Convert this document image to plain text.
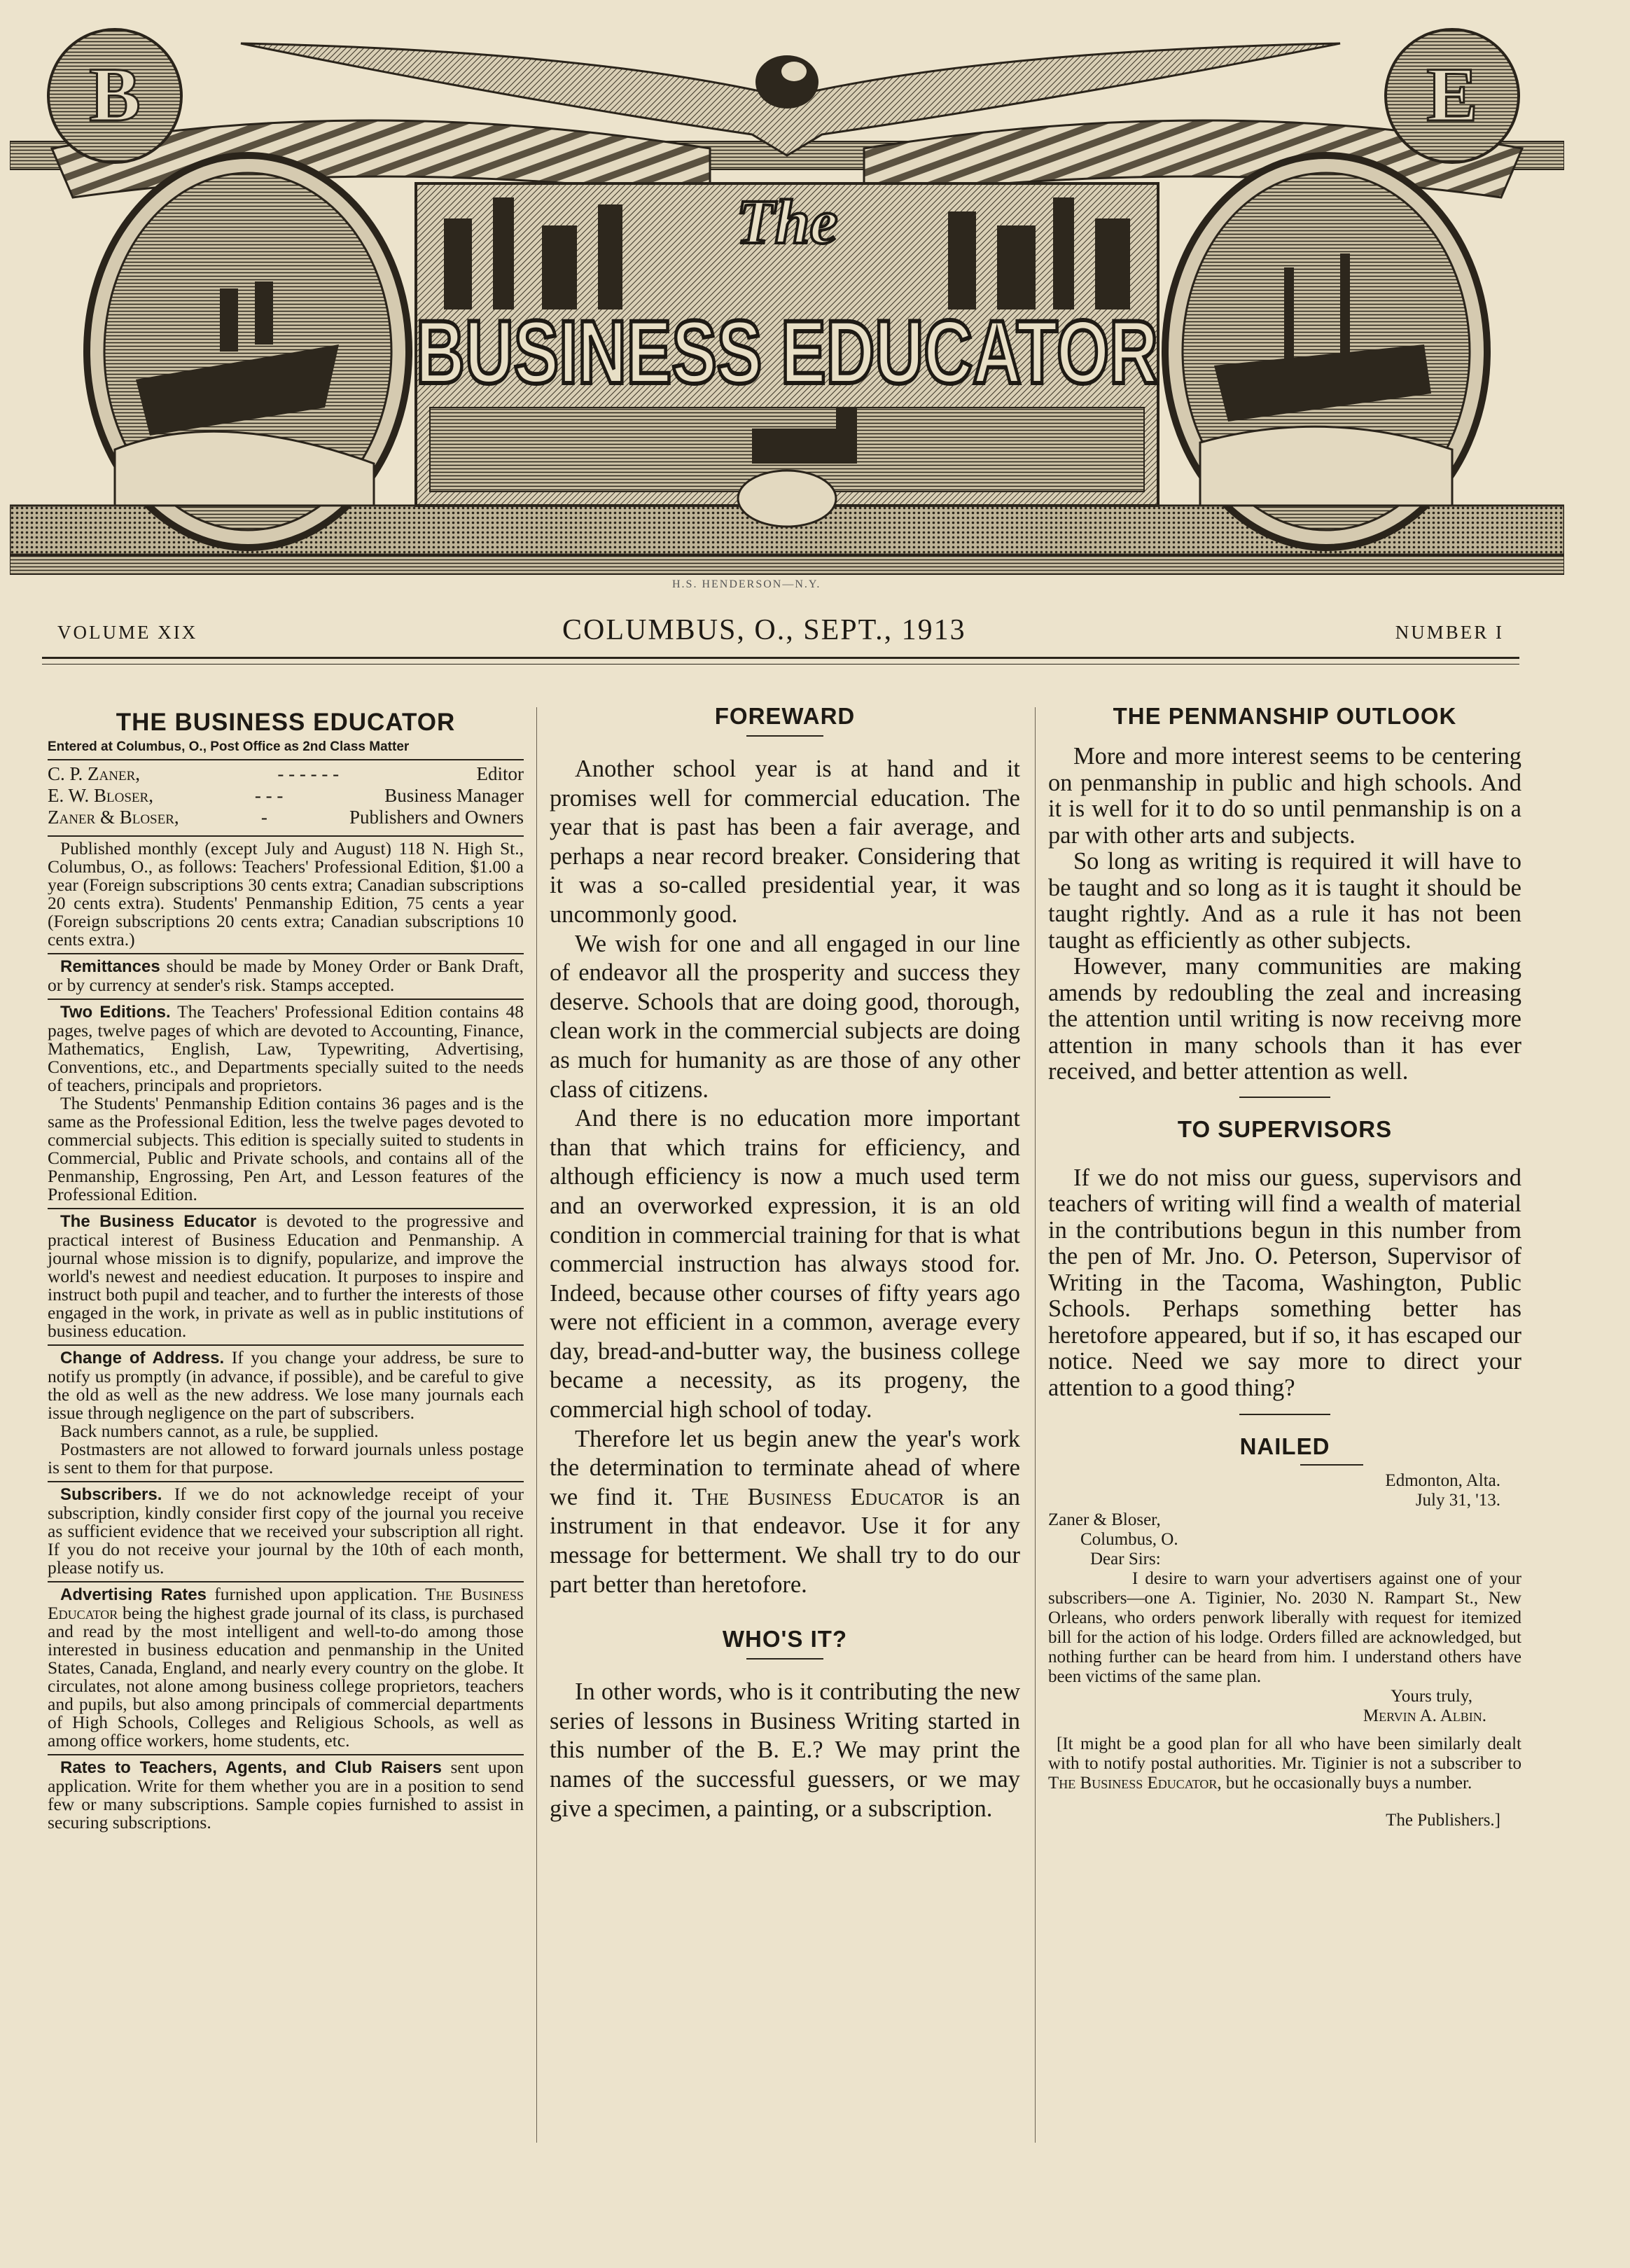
B	E
The
BUSINESS EDUCATOR
H.S. HENDERSON—N.Y.
VOLUME XIX	COLUMBUS, O., SEPT., 1913	NUMBER I
THE BUSINESS EDUCATOR
Entered at Columbus, O., Post Office as 2nd Class Matter
C. P. Zaner,	- - - - - -	Editor
E. W. Bloser,	- - -	Business Manager
Zaner & Bloser,	-	Publishers and Owners

Published monthly (except July and August) 118 N. High St., Columbus, O., as follows: Teachers' Professional Edition, $1.00 a year (Foreign subscriptions 30 cents extra; Canadian subscriptions 20 cents extra). Students' Penmanship Edition, 75 cents a year (Foreign subscriptions 20 cents extra; Canadian subscriptions 10 cents extra.)

Remittances should be made by Money Order or Bank Draft, or by currency at sender's risk. Stamps accepted.

Two Editions. The Teachers' Professional Edition contains 48 pages, twelve pages of which are devoted to Accounting, Finance, Mathematics, English, Law, Typewriting, Advertising, Conventions, etc., and Departments specially suited to the needs of teachers, principals and proprietors.

The Students' Penmanship Edition contains 36 pages and is the same as the Professional Edition, less the twelve pages devoted to commercial subjects. This edition is specially suited to students in Commercial, Public and Private schools, and contains all of the Penmanship, Engrossing, Pen Art, and Lesson features of the Professional Edition.

The Business Educator is devoted to the progressive and practical interest of Business Education and Penmanship. A journal whose mission is to dignify, popularize, and improve the world's newest and neediest education. It purposes to inspire and instruct both pupil and teacher, and to further the interests of those engaged in the work, in private as well as in public institutions of business education.

Change of Address. If you change your address, be sure to notify us promptly (in advance, if possible), and be careful to give the old as well as the new address. We lose many journals each issue through negligence on the part of subscribers.

Back numbers cannot, as a rule, be supplied.

Postmasters are not allowed to forward journals unless postage is sent to them for that purpose.

Subscribers. If we do not acknowledge receipt of your subscription, kindly consider first copy of the journal you receive as sufficient evidence that we received your subscription all right. If you do not receive your journal by the 10th of each month, please notify us.

Advertising Rates furnished upon application. The Business Educator being the highest grade journal of its class, is purchased and read by the most intelligent and well-to-do among those interested in business education and penmanship in the United States, Canada, England, and nearly every country on the globe. It circulates, not alone among business college proprietors, teachers and pupils, but also among principals of commercial departments of High Schools, Colleges and Religious Schools, as well as among office workers, home students, etc.

Rates to Teachers, Agents, and Club Raisers sent upon application. Write for them whether you are in a position to send few or many subscriptions. Sample copies furnished to assist in securing subscriptions.

FOREWARD

Another school year is at hand and it promises well for commercial education. The year that is past has been a fair average, and perhaps a near record breaker. Considering that it was a so-called presidential year, it was uncommonly good.

We wish for one and all engaged in our line of endeavor all the prosperity and success they deserve. Schools that are doing good, thorough, clean work in the commercial subjects are doing as much for humanity as are those of any other class of citizens.

And there is no education more important than that which trains for efficiency, and although efficiency is now a much used term and an overworked expression, it is an old condition in commercial training for that is what commercial instruction has always stood for. Indeed, because other courses of fifty years ago were not efficient in a common, average every day, bread-and-butter way, the business college became a necessity, as its progeny, the commercial high school of today.

Therefore let us begin anew the year's work the determination to terminate ahead of where we find it. The Business Educator is an instrument in that endeavor. Use it for any message for betterment. We shall try to do our part better than heretofore.

WHO'S IT?

In other words, who is it contributing the new series of lessons in Business Writing started in this number of the B. E.? We may print the names of the successful guessers, or we may give a specimen, a painting, or a subscription.

THE PENMANSHIP OUTLOOK

More and more interest seems to be centering on penmanship in public and high schools. And it is well for it to do so until penmanship is on a par with other arts and subjects.

So long as writing is required it will have to be taught and so long as it is taught it should be taught rightly. And as a rule it has not been taught as efficiently as other subjects.

However, many communities are making amends by redoubling the zeal and increasing the attention until writing is now receivng more attention in many schools than it has ever received, and better attention as well.

TO SUPERVISORS

If we do not miss our guess, supervisors and teachers of writing will find a wealth of material in the contributions begun in this number from the pen of Mr. Jno. O. Peterson, Supervisor of Writing in the Tacoma, Washington, Public Schools. Perhaps something better has heretofore appeared, but if so, it has escaped our notice. Need we say more to direct your attention to a good thing?

NAILED
Edmonton, Alta.
July 31, '13.
Zaner & Bloser,
Columbus, O.
Dear Sirs:

I desire to warn your advertisers against one of your subscribers—one A. Tiginier, No. 2030 N. Rampart St., New Orleans, who orders penwork liberally with request for itemized bill for the action of his lodge. Orders filled are acknowledged, but nothing further can be heard from him. I understand others have been victims of the same plan.

Yours truly,
Mervin A. Albin.

[It might be a good plan for all who have been similarly dealt with to notify postal authorities. Mr. Tiginier is not a subscriber to The Business Educator, but he occasionally buys a number.

The Publishers.]
